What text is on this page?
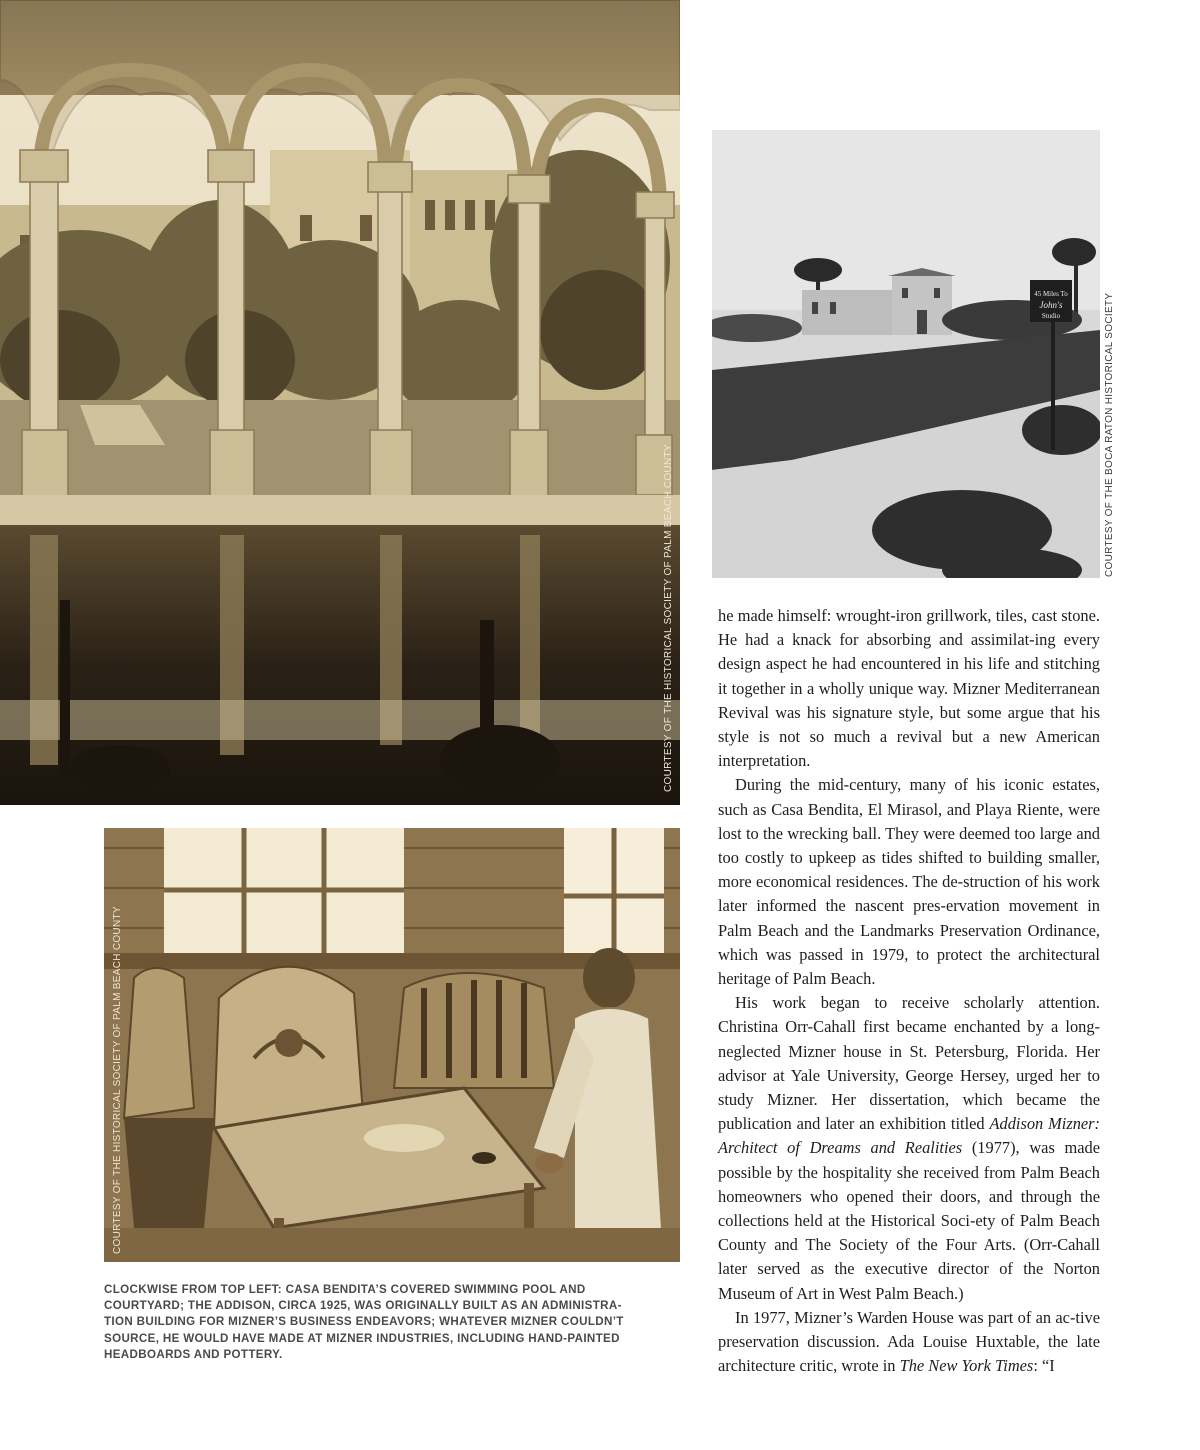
COURTESY OF THE HISTORICAL SOCIETY OF PALM BEACH COUNTY
45 Miles To
John's
Studio	COURTESY OF THE BOCA RATON HISTORICAL SOCIETY
COURTESY OF THE HISTORICAL SOCIETY OF PALM BEACH COUNTY
CLOCKWISE FROM TOP LEFT: CASA BENDITA’S COVERED SWIMMING POOL AND COURTYARD; THE ADDISON, CIRCA 1925, WAS ORIGINALLY BUILT AS AN ADMINISTRA-TION BUILDING FOR MIZNER’S BUSINESS ENDEAVORS; WHATEVER MIZNER COULDN’T SOURCE, HE WOULD HAVE MADE AT MIZNER INDUSTRIES, INCLUDING HAND-PAINTED HEADBOARDS AND POTTERY.

he made himself: wrought-iron grillwork, tiles, cast stone. He had a knack for absorbing and assimilat-ing every design aspect he had encountered in his life and stitching it together in a wholly unique way. Mizner Mediterranean Revival was his signature style, but some argue that his style is not so much a revival but a new American interpretation.

During the mid-century, many of his iconic estates, such as Casa Bendita, El Mirasol, and Playa Riente, were lost to the wrecking ball. They were deemed too large and too costly to upkeep as tides shifted to building smaller, more economical residences. The de-struction of his work later informed the nascent pres-ervation movement in Palm Beach and the Landmarks Preservation Ordinance, which was passed in 1979, to protect the architectural heritage of Palm Beach.

His work began to receive scholarly attention. Christina Orr-Cahall first became enchanted by a long-neglected Mizner house in St. Petersburg, Florida. Her advisor at Yale University, George Hersey, urged her to study Mizner. Her dissertation, which became the publication and later an exhibition titled Addison Mizner: Architect of Dreams and Realities (1977), was made possible by the hospitality she received from Palm Beach homeowners who opened their doors, and through the collections held at the Historical Soci-ety of Palm Beach County and The Society of the Four Arts. (Orr-Cahall later served as the executive director of the Norton Museum of Art in West Palm Beach.)

In 1977, Mizner’s Warden House was part of an ac-tive preservation discussion. Ada Louise Huxtable, the late architecture critic, wrote in The New York Times: “I
